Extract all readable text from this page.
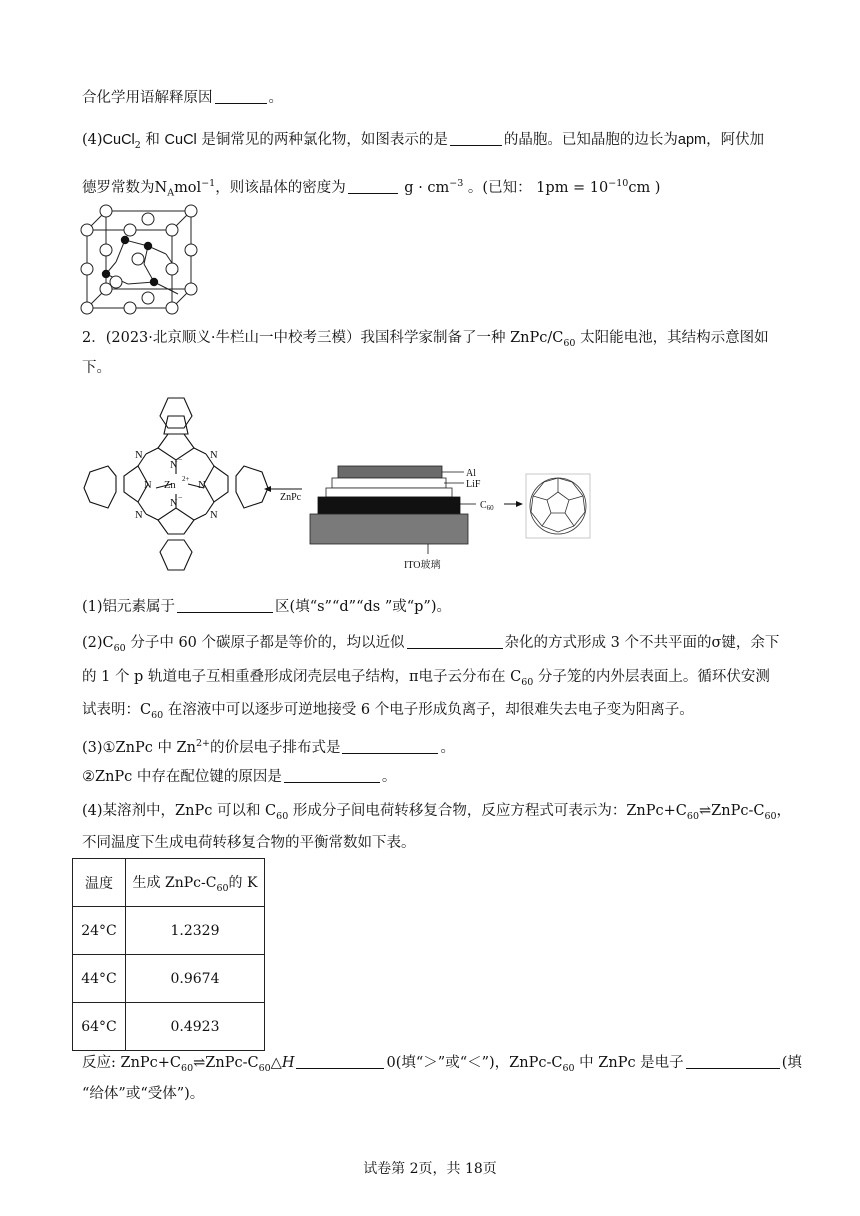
合化学用语解释原因	。
(4)CuCl$_2$ 和 CuCl 是铜常见的两种氯化物，如图表示的是	的晶胞。已知晶胞的边长为apm，阿伏加
德罗常数为$N_Amol^{-1}$，则该晶体的密度为	$g \cdot cm^{-3}$ 。(已知： $1pm = 10^{-10}cm$ )
2．(2023·北京顺义·牛栏山一中校考三模）我国科学家制备了一种 ZnPc/$C_{60}$ 太阳能电池，其结构示意图如
下。
N	N
N	N
N
−
N
−
N	N
Zn
2+
ZnPc
Al
LiF
$C_{60}$
ITO玻璃
(1)铝元素属于	区(填“s”“d”“ds ”或“p”)。
$(2)C_{60}$ 分子中 60 个碳原子都是等价的，均以近似	杂化的方式形成 3 个不共平面的σ键，余下
的 1 个 p 轨道电子互相重叠形成闭壳层电子结构，π电子云分布在 $C_{60}$ 分子笼的内外层表面上。循环伏安测
试表明：$C_{60}$ 在溶液中可以逐步可逆地接受 6 个电子形成负离子，却很难失去电子变为阳离子。
(3)①ZnPc 中 $Zn^{2+}$的价层电子排布式是	。
②ZnPc 中存在配位键的原因是	。
(4)某溶剂中，ZnPc 可以和 $C_{60}$ 形成分子间电荷转移复合物，反应方程式可表示为：$ZnPc+C_{60}\rightleftharpoons ZnPc-C_{60}$，
不同温度下生成电荷转移复合物的平衡常数如下表。
温度	生成 ZnPc-$C_{60}$的 K
24°C	1.2329
44°C	0.9674
64°C	0.4923
反应: $ZnPc+C_{60}\rightleftharpoons ZnPc-C_{60}\triangle H$	0(填“＞”或“＜”)，ZnPc-$C_{60}$ 中 ZnPc 是电子	(填
“给体”或“受体”)。
试卷第 2页，共 18页
